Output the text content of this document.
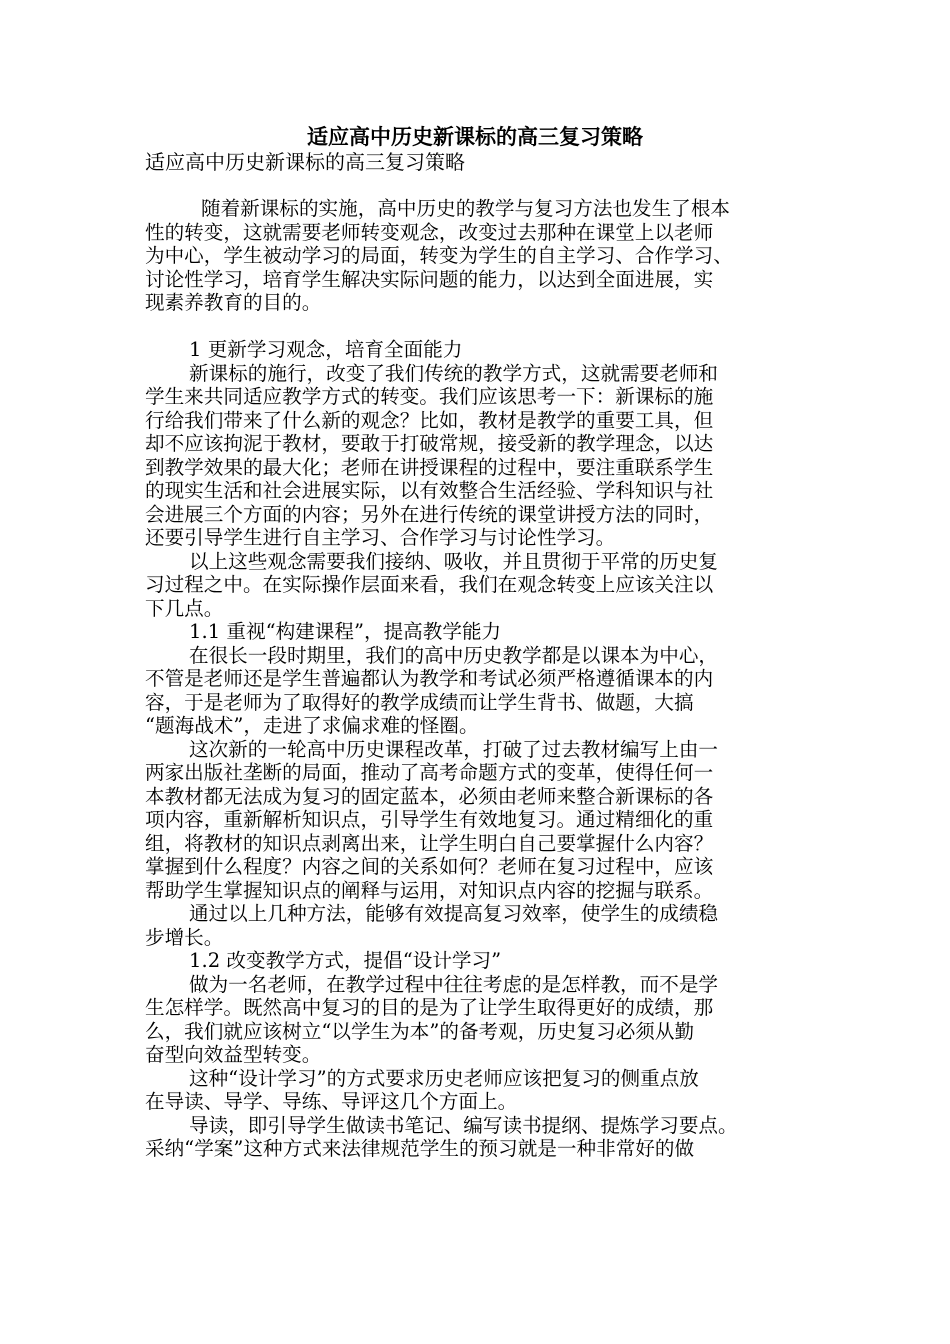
适应高中历史新课标的高三复习策略
适应高中历史新课标的高三复习策略
随着新课标的实施，高中历史的教学与复习方法也发生了根本
性的转变，这就需要老师转变观念，改变过去那种在课堂上以老师
为中心，学生被动学习的局面，转变为学生的自主学习、合作学习、
讨论性学习，培育学生解决实际问题的能力，以达到全面进展，实
现素养教育的目的。
1 更新学习观念，培育全面能力
新课标的施行，改变了我们传统的教学方式，这就需要老师和
学生来共同适应教学方式的转变。我们应该思考一下：新课标的施
行给我们带来了什么新的观念？比如，教材是教学的重要工具，但
却不应该拘泥于教材，要敢于打破常规，接受新的教学理念，以达
到教学效果的最大化；老师在讲授课程的过程中，要注重联系学生
的现实生活和社会进展实际，以有效整合生活经验、学科知识与社
会进展三个方面的内容；另外在进行传统的课堂讲授方法的同时，
还要引导学生进行自主学习、合作学习与讨论性学习。
以上这些观念需要我们接纳、吸收，并且贯彻于平常的历史复
习过程之中。在实际操作层面来看，我们在观念转变上应该关注以
下几点。
1.1 重视“构建课程”，提高教学能力
在很长一段时期里，我们的高中历史教学都是以课本为中心，
不管是老师还是学生普遍都认为教学和考试必须严格遵循课本的内
容，于是老师为了取得好的教学成绩而让学生背书、做题，大搞
“题海战术”，走进了求偏求难的怪圈。
这次新的一轮高中历史课程改革，打破了过去教材编写上由一
两家出版社垄断的局面，推动了高考命题方式的变革，使得任何一
本教材都无法成为复习的固定蓝本，必须由老师来整合新课标的各
项内容，重新解析知识点，引导学生有效地复习。通过精细化的重
组，将教材的知识点剥离出来，让学生明白自己要掌握什么内容？
掌握到什么程度？内容之间的关系如何？老师在复习过程中，应该
帮助学生掌握知识点的阐释与运用，对知识点内容的挖掘与联系。
通过以上几种方法，能够有效提高复习效率，使学生的成绩稳
步增长。
1.2 改变教学方式，提倡“设计学习”
做为一名老师，在教学过程中往往考虑的是怎样教，而不是学
生怎样学。既然高中复习的目的是为了让学生取得更好的成绩，那
么，我们就应该树立“以学生为本”的备考观，历史复习必须从勤
奋型向效益型转变。
这种“设计学习”的方式要求历史老师应该把复习的侧重点放
在导读、导学、导练、导评这几个方面上。
导读，即引导学生做读书笔记、编写读书提纲、提炼学习要点。
采纳“学案”这种方式来法律规范学生的预习就是一种非常好的做
